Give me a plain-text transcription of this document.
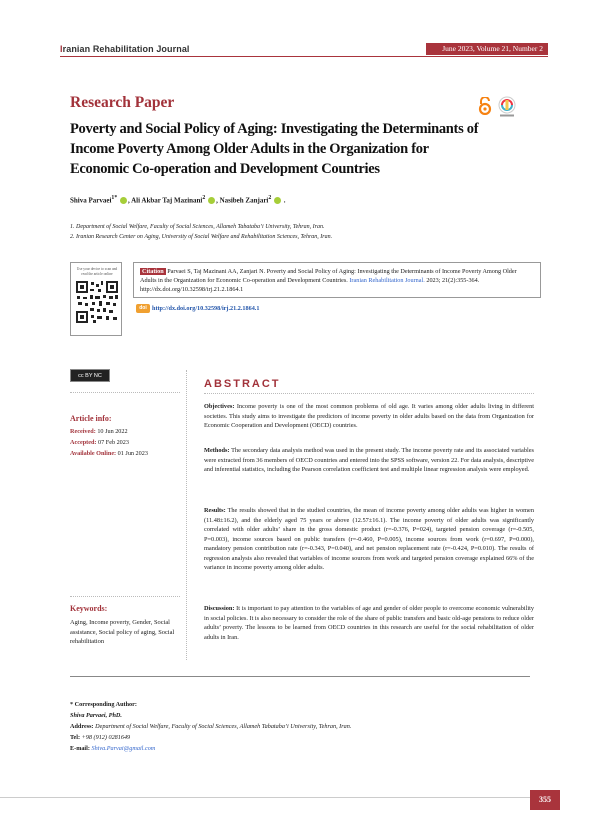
Iranian Rehabilitation Journal	June 2023, Volume 21, Number 2
Research Paper
Poverty and Social Policy of Aging: Investigating the Determinants of Income Poverty Among Older Adults in the Organization for Economic Co-operation and Development Countries
Shiva Parvaei$^{1*}$ , Ali Akbar Taj Mazinani$^2$ , Nasibeh Zanjari$^2$  .
1. Department of Social Welfare, Faculty of Social Sciences, Allameh Tabataba’i University, Tehran, Iran.
2. Iranian Research Center on Aging, University of Social Welfare and Rehabilitation Sciences, Tehran, Iran.
Use your device to scan and read the article online	Citation Parvaei S, Taj Mazinani AA, Zanjari N. Poverty and Social Policy of Aging: Investigating the Determinants of Income Poverty Among Older Adults in the Organization for Economic Co-operation and Development Countries. Iranian Rehabilitation Journal. 2023; 21(2):355-364. http://dx.doi.org/10.32598/irj.21.2.1864.1
doi http://dx.doi.org/10.32598/irj.21.2.1864.1
cc BY NC
Article info:
Received: 10 Jun 2022
Accepted: 07 Feb 2023
Available Online: 01 Jun 2023
Keywords:
Aging, Income poverty, Gender, Social assistance, Social policy of aging, Social rehabilitation
ABSTRACT
Objectives: Income poverty is one of the most common problems of old age. It varies among older adults living in different societies. This study aims to investigate the predictors of income poverty in older adults based on the data from Organization for Economic Cooperation and Development (OECD) countries.
Methods: The secondary data analysis method was used in the present study. The income poverty rate and its associated variables were extracted from 36 members of OECD countries and entered into the SPSS software, version 22. For data analysis, descriptive and inferential statistics, including the Pearson correlation coefficient test and multiple linear regression analysis were employed.
Results: The results showed that in the studied countries, the mean of income poverty among older adults was higher in women (11.48±16.2), and the elderly aged 75 years or above (12.57±16.1). The income poverty of older adults was significantly correlated with older adults’ share in the gross domestic product (r=-0.376, P=024), targeted pension coverage (r=-0.505, P=0.003), income sources based on public transfers (r=-0.460, P=0.005), income sources from work (r=0.697, P=0.000), mandatory pension contribution rate (r=-0.343, P=0.040), and net pension replacement rate (r=-0.424, P=0.010). The results of regression analysis also revealed that variables of income sources from work and targeted pension coverage explained 66% of the variance in income poverty among older adults.
Discussion: It is important to pay attention to the variables of age and gender of older people to overcome economic vulnerability in social policies. It is also necessary to consider the role of the share of public transfers and basic old-age pensions to reduce older adults’ poverty. The lessons to be learned from OECD countries in this research are useful for the social rehabilitation of older adults in Iran.
* Corresponding Author:
Shiva Parvaei, PhD.
Address: Department of Social Welfare, Faculty of Social Sciences, Allameh Tabataba’i University, Tehran, Iran.
Tel: +98 (912) 0281649
E-mail: Shiva.Parvai@gmail.com
355
